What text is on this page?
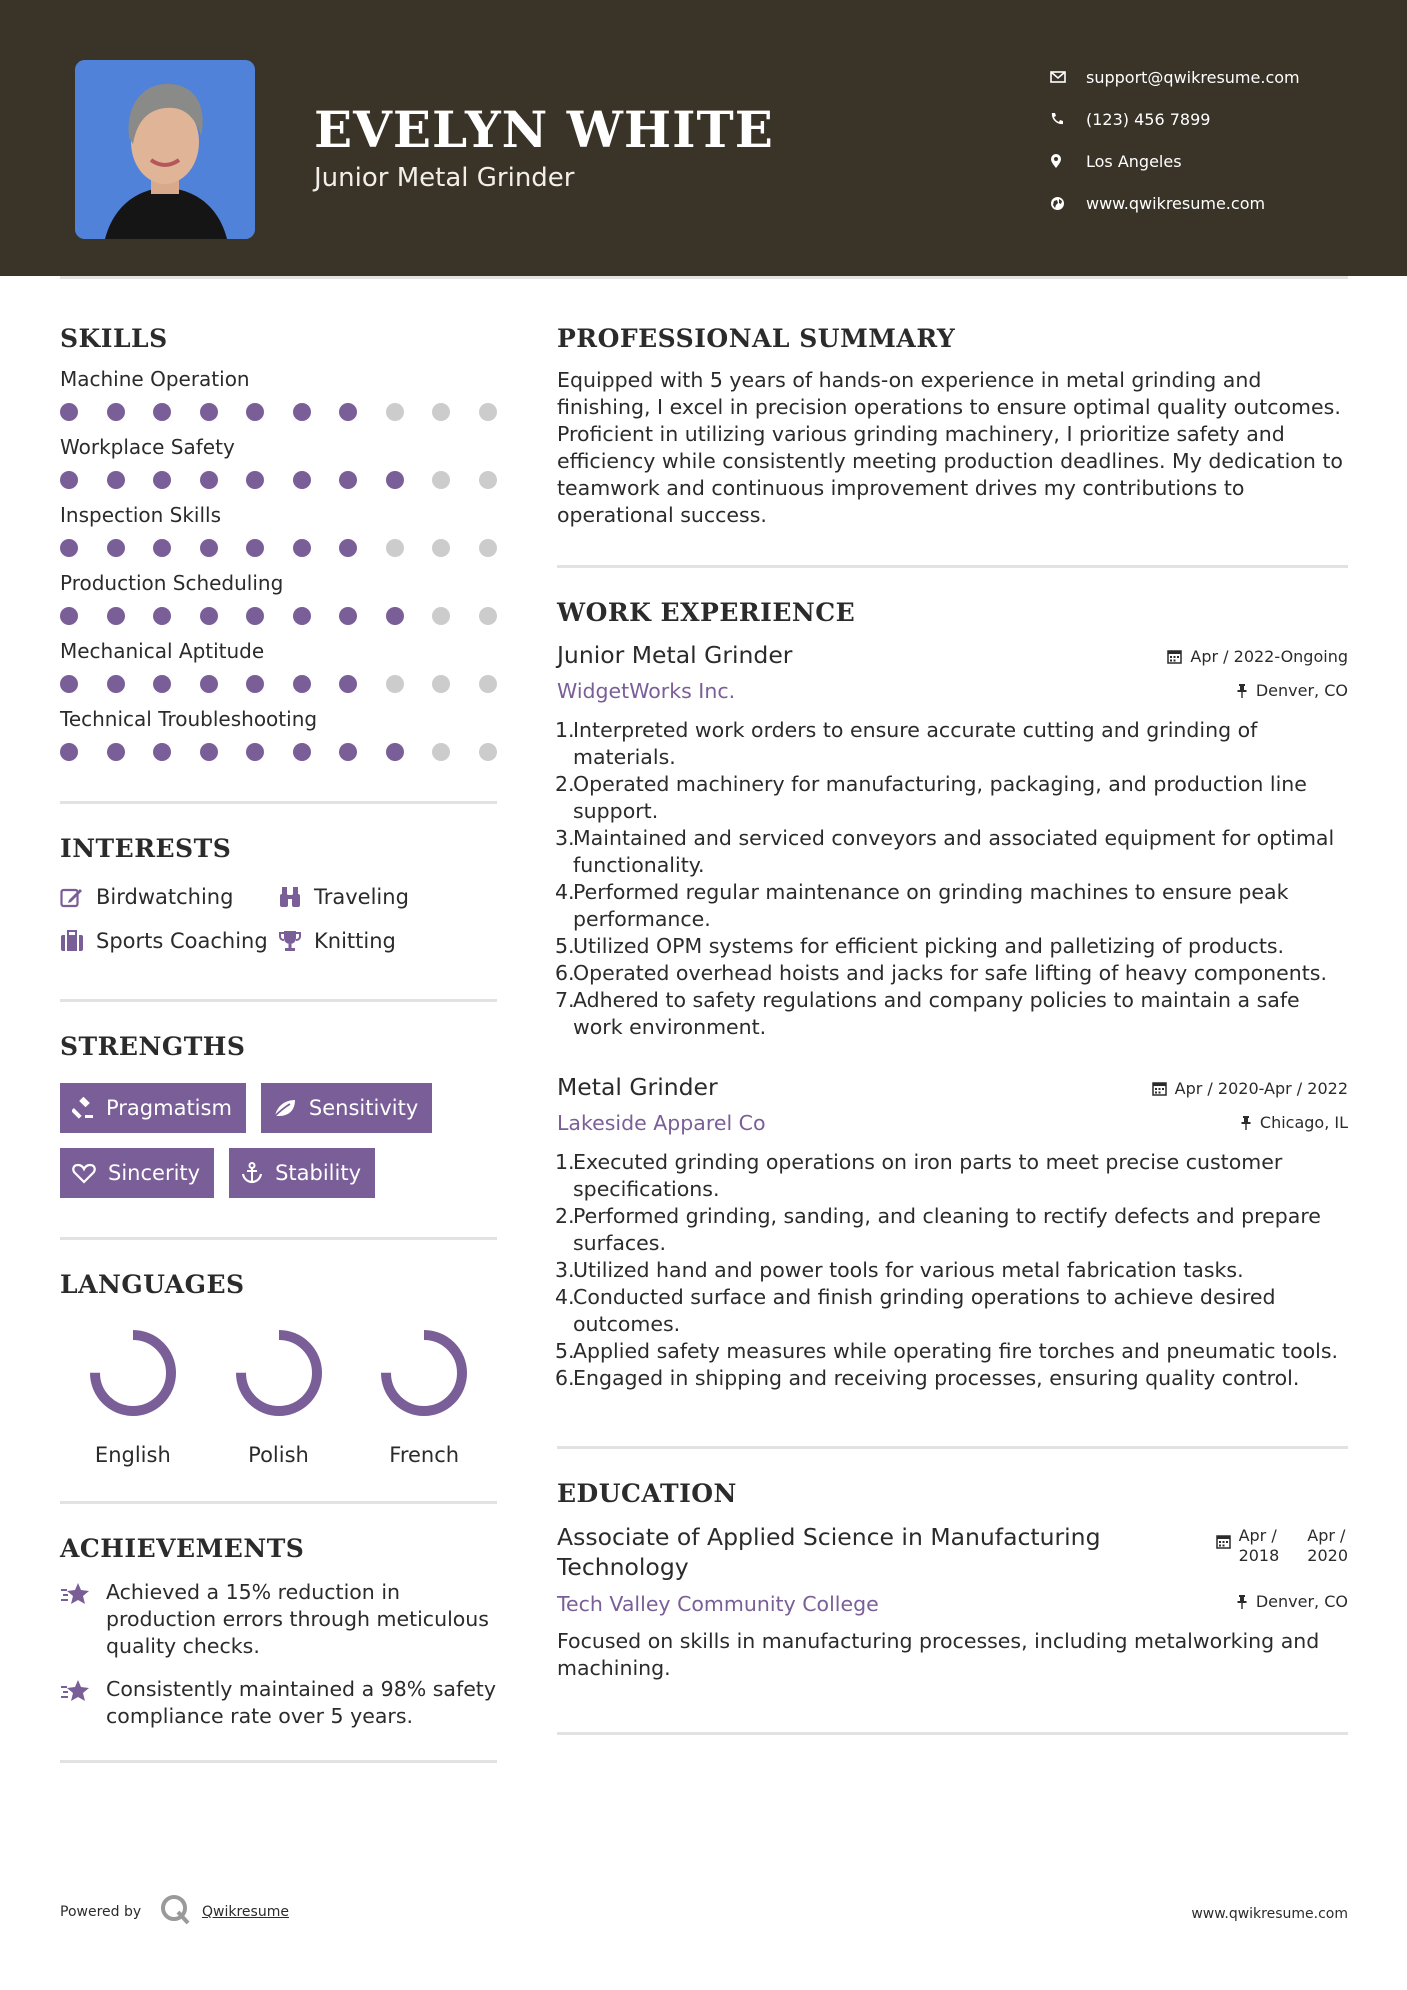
EVELYN WHITE
Junior Metal Grinder
support@qwikresume.com
(123) 456 7899
Los Angeles
www.qwikresume.com
SKILLS
Machine Operation
Workplace Safety
Inspection Skills
Production Scheduling
Mechanical Aptitude
Technical Troubleshooting
INTERESTS
Birdwatching	Traveling
Sports Coaching Knitting
STRENGTHS
Pragmatism	Sensitivity
Sincerity	Stability
LANGUAGES
English	Polish	French
ACHIEVEMENTS
Achieved a 15% reduction in production errors through meticulous quality checks.
Consistently maintained a 98% safety compliance rate over 5 years.
PROFESSIONAL SUMMARY
Equipped with 5 years of hands-on experience in metal grinding and finishing, I excel in precision operations to ensure optimal quality outcomes. Proficient in utilizing various grinding machinery, I prioritize safety and efficiency while consistently meeting production deadlines. My dedication to teamwork and continuous improvement drives my contributions to operational success.
WORK EXPERIENCE
Junior Metal Grinder	Apr / 2022-Ongoing
WidgetWorks Inc.	Denver, CO
1.
Interpreted work orders to ensure accurate cutting and grinding of materials.
2.
Operated machinery for manufacturing, packaging, and production line support.
3.
Maintained and serviced conveyors and associated equipment for optimal functionality.
4.
Performed regular maintenance on grinding machines to ensure peak performance.
5.
Utilized OPM systems for efficient picking and palletizing of products.
6.
Operated overhead hoists and jacks for safe lifting of heavy components.
7.
Adhered to safety regulations and company policies to maintain a safe work environment.
Metal Grinder	Apr / 2020-Apr / 2022
Lakeside Apparel Co	Chicago, IL
1.
Executed grinding operations on iron parts to meet precise customer specifications.
2.
Performed grinding, sanding, and cleaning to rectify defects and prepare surfaces.
3.
Utilized hand and power tools for various metal fabrication tasks.
4.
Conducted surface and finish grinding operations to achieve desired outcomes.
5.
Applied safety measures while operating fire torches and pneumatic tools.
6.
Engaged in shipping and receiving processes, ensuring quality control.
EDUCATION
Associate of Applied Science in Manufacturing Technology
Apr /
2018
Apr /
2020
Tech Valley Community College	Denver, CO
Focused on skills in manufacturing processes, including metalworking and machining.
Powered by	Qwikresume	www.qwikresume.com
